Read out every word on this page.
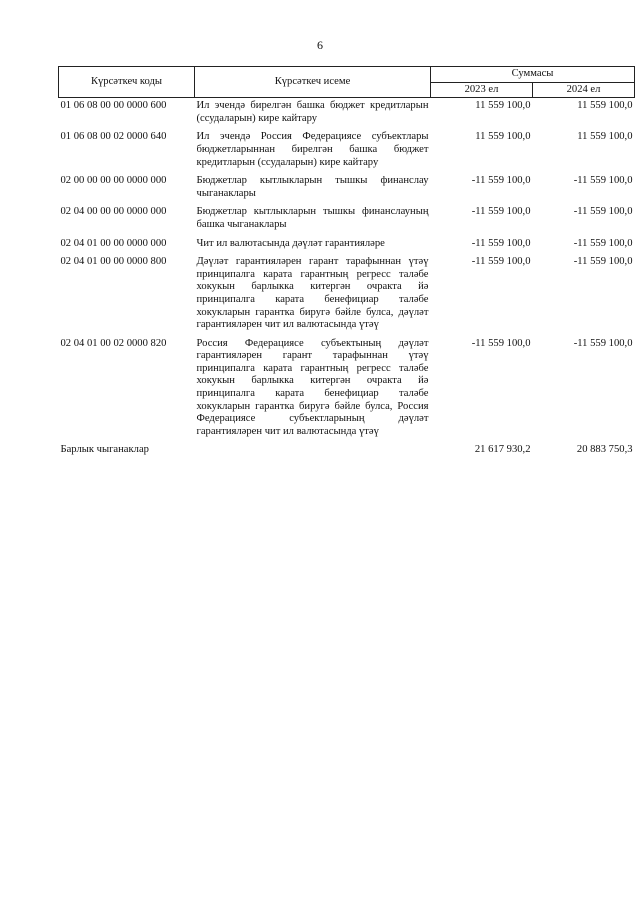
6
Күрсәткеч коды	Күрсәткеч исеме	Суммасы	
		2023 ел	2024 ел
01 06 08 00 00 0000 600	Ил эчендә бирелгән башка бюджет кредитларын (ссудаларын) кире кайтару	11 559 100,0	11 559 100,0
01 06 08 00 02 0000 640	Ил эчендә Россия Федерациясе субъектлары бюджетларыннан бирелгән башка бюджет кредитларын (ссудаларын) кире кайтару	11 559 100,0	11 559 100,0
02 00 00 00 00 0000 000	Бюджетлар кытлыкларын тышкы финанслау чыганаклары	-11 559 100,0	-11 559 100,0
02 04 00 00 00 0000 000	Бюджетлар кытлыкларын тышкы финанслауның башка чыганаклары	-11 559 100,0	-11 559 100,0
02 04 01 00 00 0000 000	Чит ил валютасында дәүләт гарантияләре	-11 559 100,0	-11 559 100,0
02 04 01 00 00 0000 800	Дәүләт гарантияләрен гарант тарафыннан үтәү принципалга карата гарантның регресс таләбе хокукын барлыкка китергән очракта йә принципалга карата бенефициар таләбе хокукларын гарантка биругә бәйле булса, дәүләт гарантияләрен чит ил валютасында үтәү	-11 559 100,0	-11 559 100,0
02 04 01 00 02 0000 820	Россия Федерациясе субъектының дәүләт гарантияләрен гарант тарафыннан үтәү принципалга карата гарантның регресс таләбе хокукын барлыкка китергән очракта йә принципалга карата бенефициар таләбе хокукларын гарантка биругә бәйле булса, Россия Федерациясе субъектларының дәүләт гарантияләрен чит ил валютасында үтәү	-11 559 100,0	-11 559 100,0
Барлык чыганаклар		21 617 930,2	20 883 750,3
